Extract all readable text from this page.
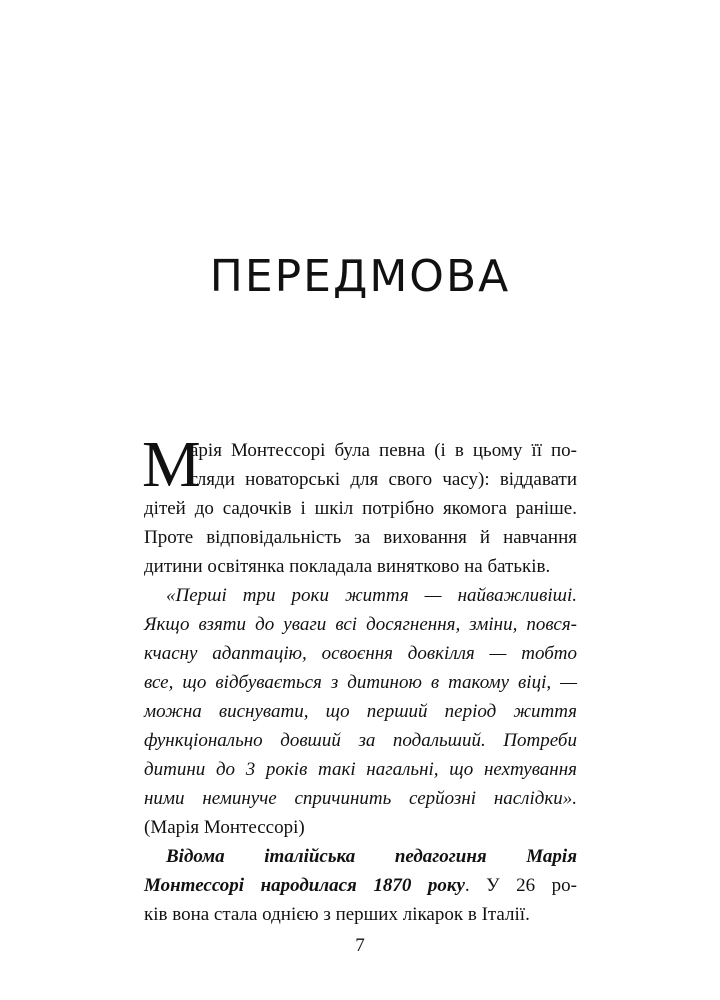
ПЕРЕДМОВА
М
арія Монтессорі була певна (і в цьому її по-
гляди новаторські для свого часу): віддавати
дітей до садочків і шкіл потрібно якомога раніше.
Проте відповідальність за виховання й навчання
дитини освітянка покладала винятково на батьків.
«Перші три роки життя — найважливіші.
Якщо взяти до уваги всі досягнення, зміни, повся-
кчасну адаптацію, освоєння довкілля — тобто
все, що відбувається з дитиною в такому віці, —
можна виснувати, що перший період життя
функціонально довший за подальший. Потреби
дитини до 3 років такі нагальні, що нехтування
ними неминуче спричинить серйозні наслідки».
(Марія Монтессорі)
Відома італійська педагогиня Марія
Монтессорі народилася 1870 року. У 26 ро-
ків вона стала однією з перших лікарок в Італії.
7
